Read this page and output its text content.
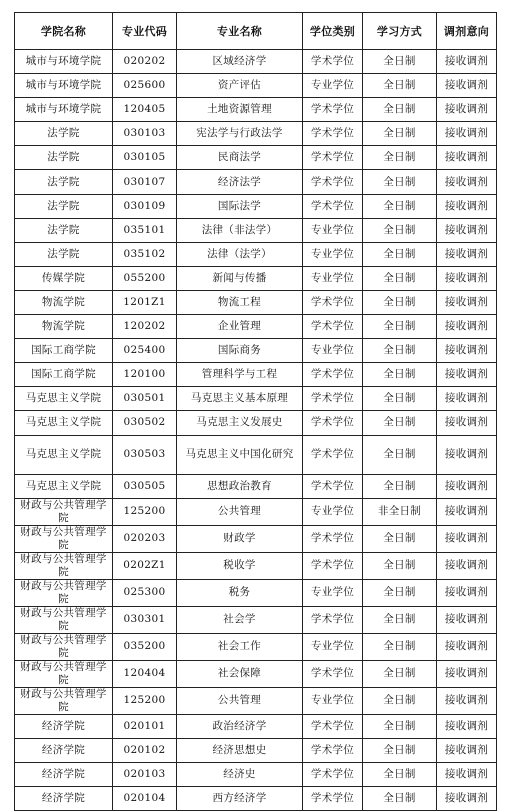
学院名称	专业代码	专业名称	学位类别	学习方式	调剂意向
城市与环境学院	020202	区域经济学	学术学位	全日制	接收调剂
城市与环境学院	025600	资产评估	专业学位	全日制	接收调剂
城市与环境学院	120405	土地资源管理	学术学位	全日制	接收调剂
法学院	030103	宪法学与行政法学	学术学位	全日制	接收调剂
法学院	030105	民商法学	学术学位	全日制	接收调剂
法学院	030107	经济法学	学术学位	全日制	接收调剂
法学院	030109	国际法学	学术学位	全日制	接收调剂
法学院	035101	法律（非法学）	专业学位	全日制	接收调剂
法学院	035102	法律（法学）	专业学位	全日制	接收调剂
传媒学院	055200	新闻与传播	专业学位	全日制	接收调剂
物流学院	1201Z1	物流工程	学术学位	全日制	接收调剂
物流学院	120202	企业管理	学术学位	全日制	接收调剂
国际工商学院	025400	国际商务	专业学位	全日制	接收调剂
国际工商学院	120100	管理科学与工程	学术学位	全日制	接收调剂
马克思主义学院	030501	马克思主义基本原理	学术学位	全日制	接收调剂
马克思主义学院	030502	马克思主义发展史	学术学位	全日制	接收调剂
马克思主义学院	030503	马克思主义中国化研究	学术学位	全日制	接收调剂
马克思主义学院	030505	思想政治教育	学术学位	全日制	接收调剂
财政与公共管理学院	125200	公共管理	专业学位	非全日制	接收调剂
财政与公共管理学院	020203	财政学	学术学位	全日制	接收调剂
财政与公共管理学院	0202Z1	税收学	学术学位	全日制	接收调剂
财政与公共管理学院	025300	税务	专业学位	全日制	接收调剂
财政与公共管理学院	030301	社会学	学术学位	全日制	接收调剂
财政与公共管理学院	035200	社会工作	专业学位	全日制	接收调剂
财政与公共管理学院	120404	社会保障	学术学位	全日制	接收调剂
财政与公共管理学院	125200	公共管理	专业学位	全日制	接收调剂
经济学院	020101	政治经济学	学术学位	全日制	接收调剂
经济学院	020102	经济思想史	学术学位	全日制	接收调剂
经济学院	020103	经济史	学术学位	全日制	接收调剂
经济学院	020104	西方经济学	学术学位	全日制	接收调剂
